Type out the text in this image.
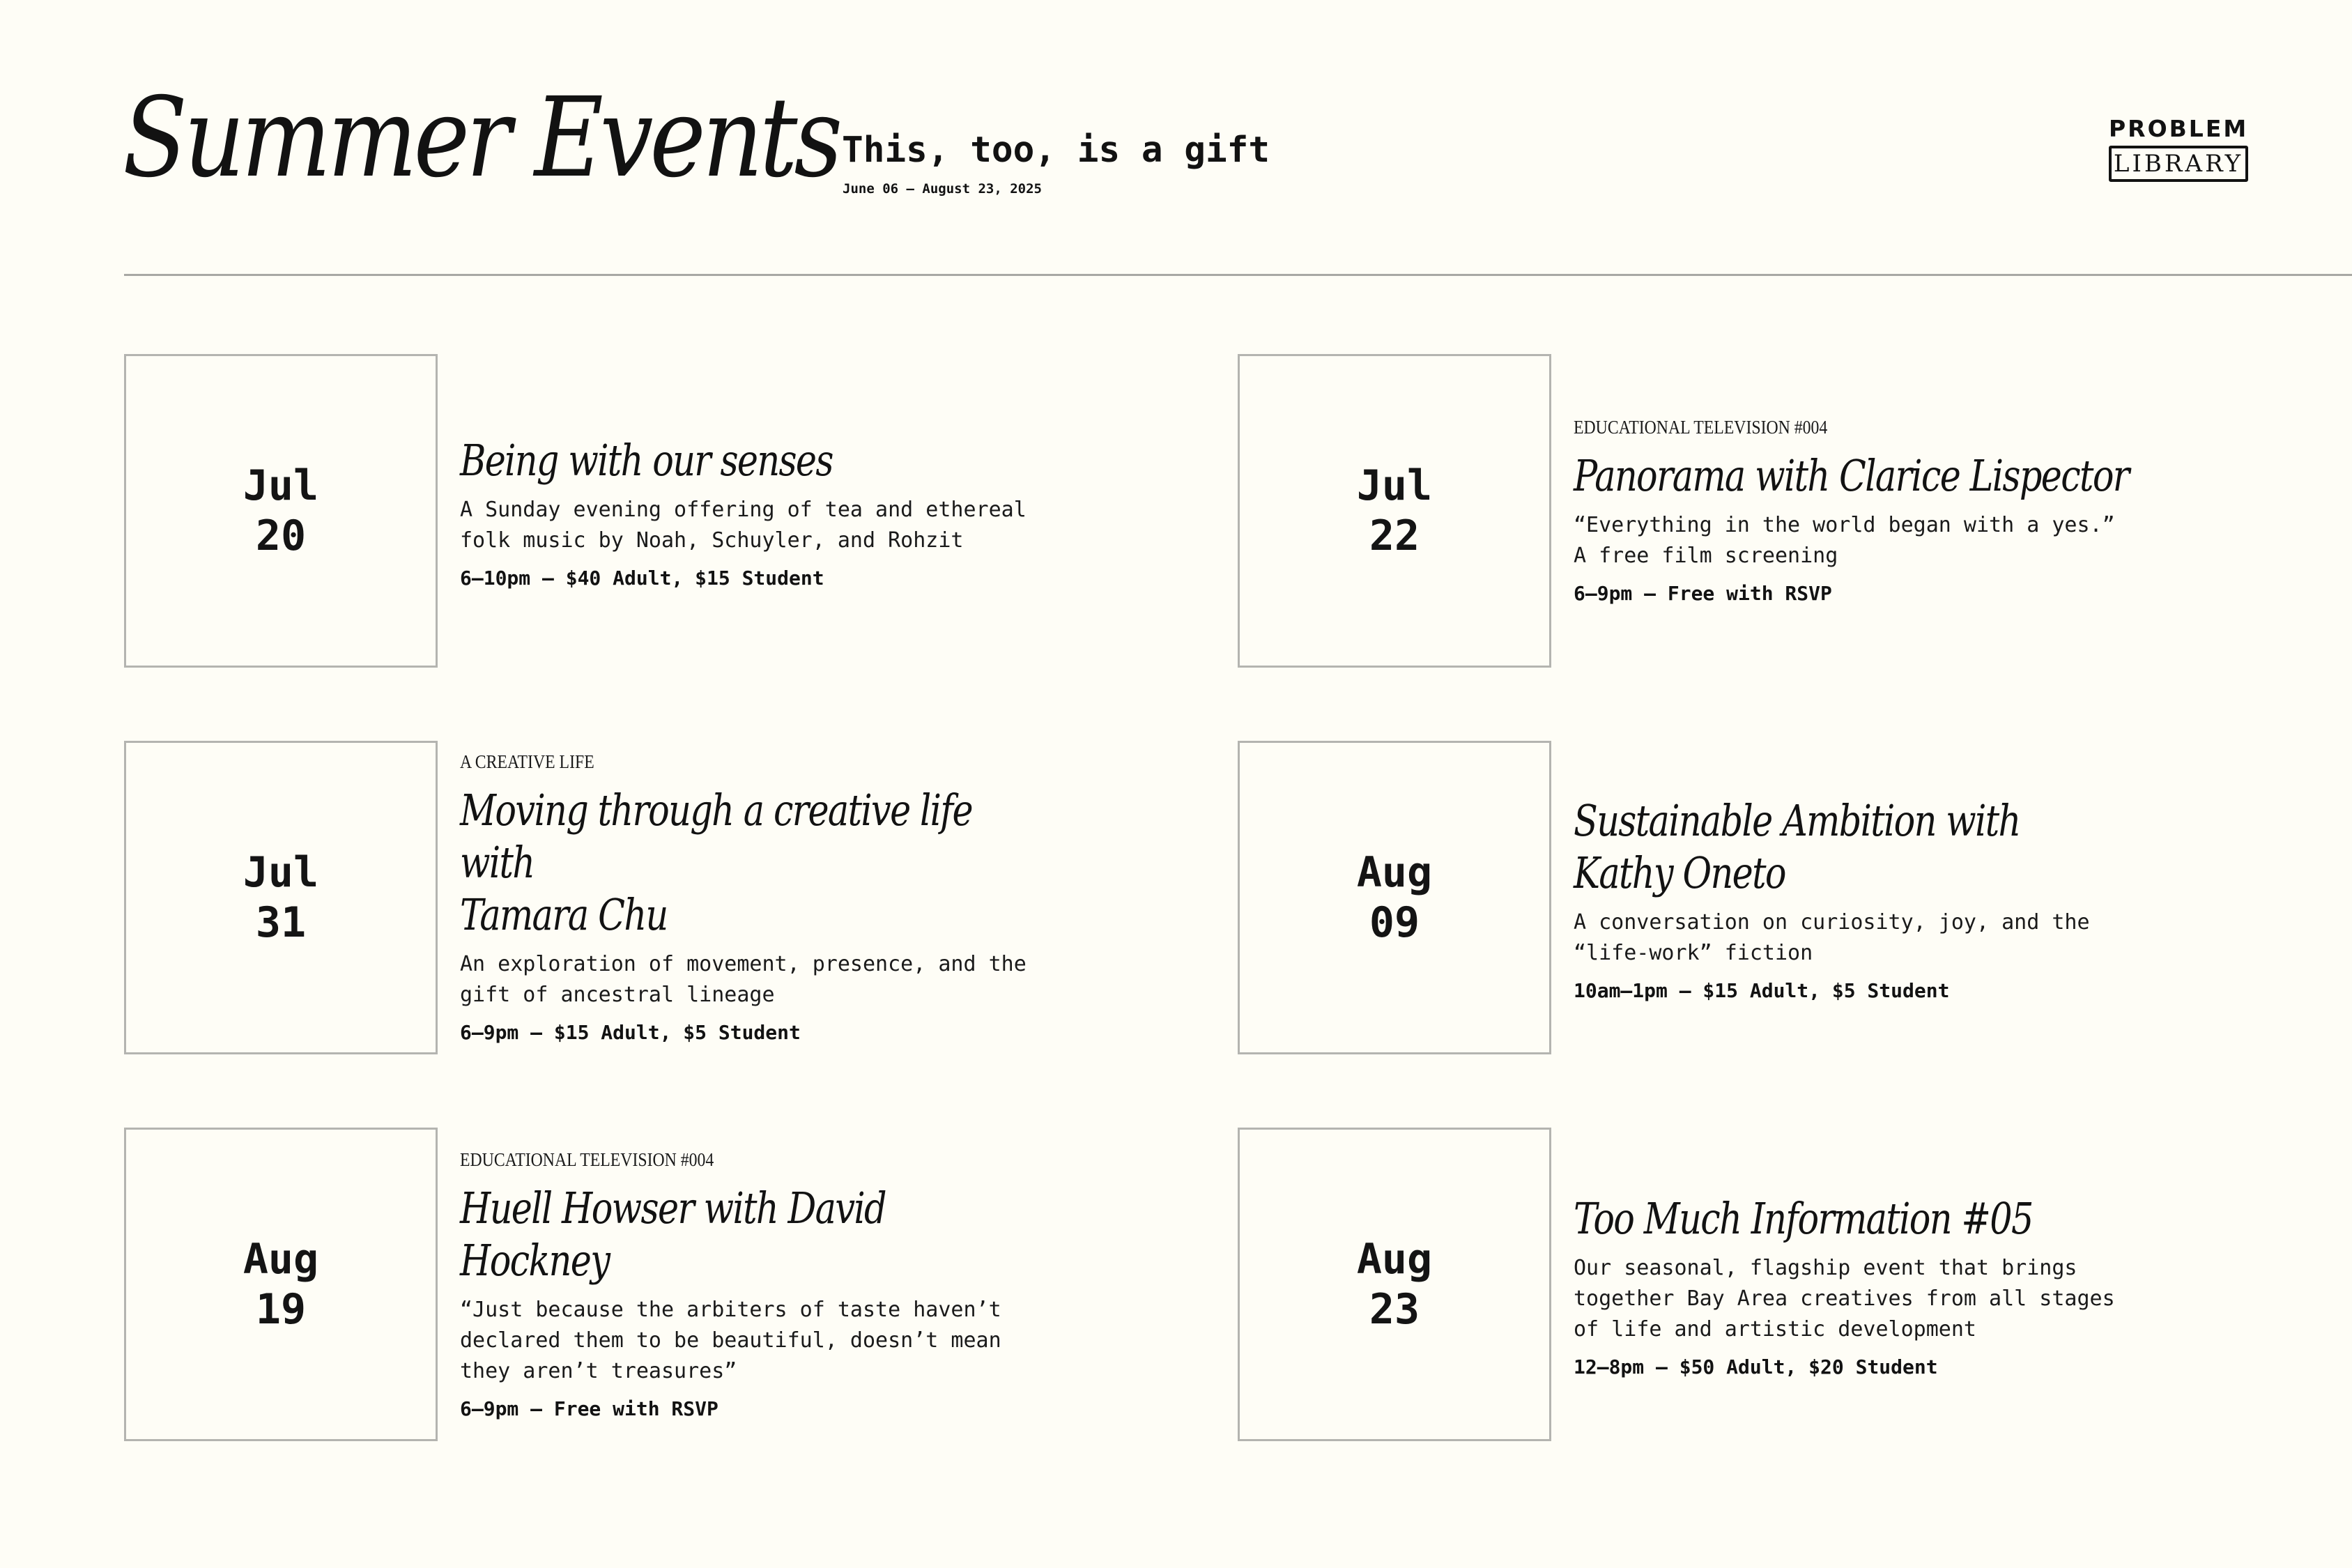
Summer Events This, too, is a gift
June 06 – August 23, 2025
PROBLEM
LIBRARY
Jul
20
Being with our senses
A Sunday evening offering of tea and ethereal
folk music by Noah, Schuyler, and Rohzit
6–10pm – $40 Adult, $15 Student
Jul
22
EDUCATIONAL TELEVISION #004
Panorama with Clarice Lispector
“Everything in the world began with a yes.”
A free film screening
6–9pm – Free with RSVP
Jul
31
A CREATIVE LIFE
Moving through a creative life with
Tamara Chu
An exploration of movement, presence, and the
gift of ancestral lineage
6–9pm – $15 Adult, $5 Student
Aug
09
Sustainable Ambition with
Kathy Oneto
A conversation on curiosity, joy, and the
“life-work” fiction
10am–1pm – $15 Adult, $5 Student
Aug
19
EDUCATIONAL TELEVISION #004
Huell Howser with David Hockney
“Just because the arbiters of taste haven’t
declared them to be beautiful, doesn’t mean
they aren’t treasures”
6–9pm – Free with RSVP
Aug
23
Too Much Information #05
Our seasonal, flagship event that brings
together Bay Area creatives from all stages
of life and artistic development
12–8pm – $50 Adult, $20 Student
